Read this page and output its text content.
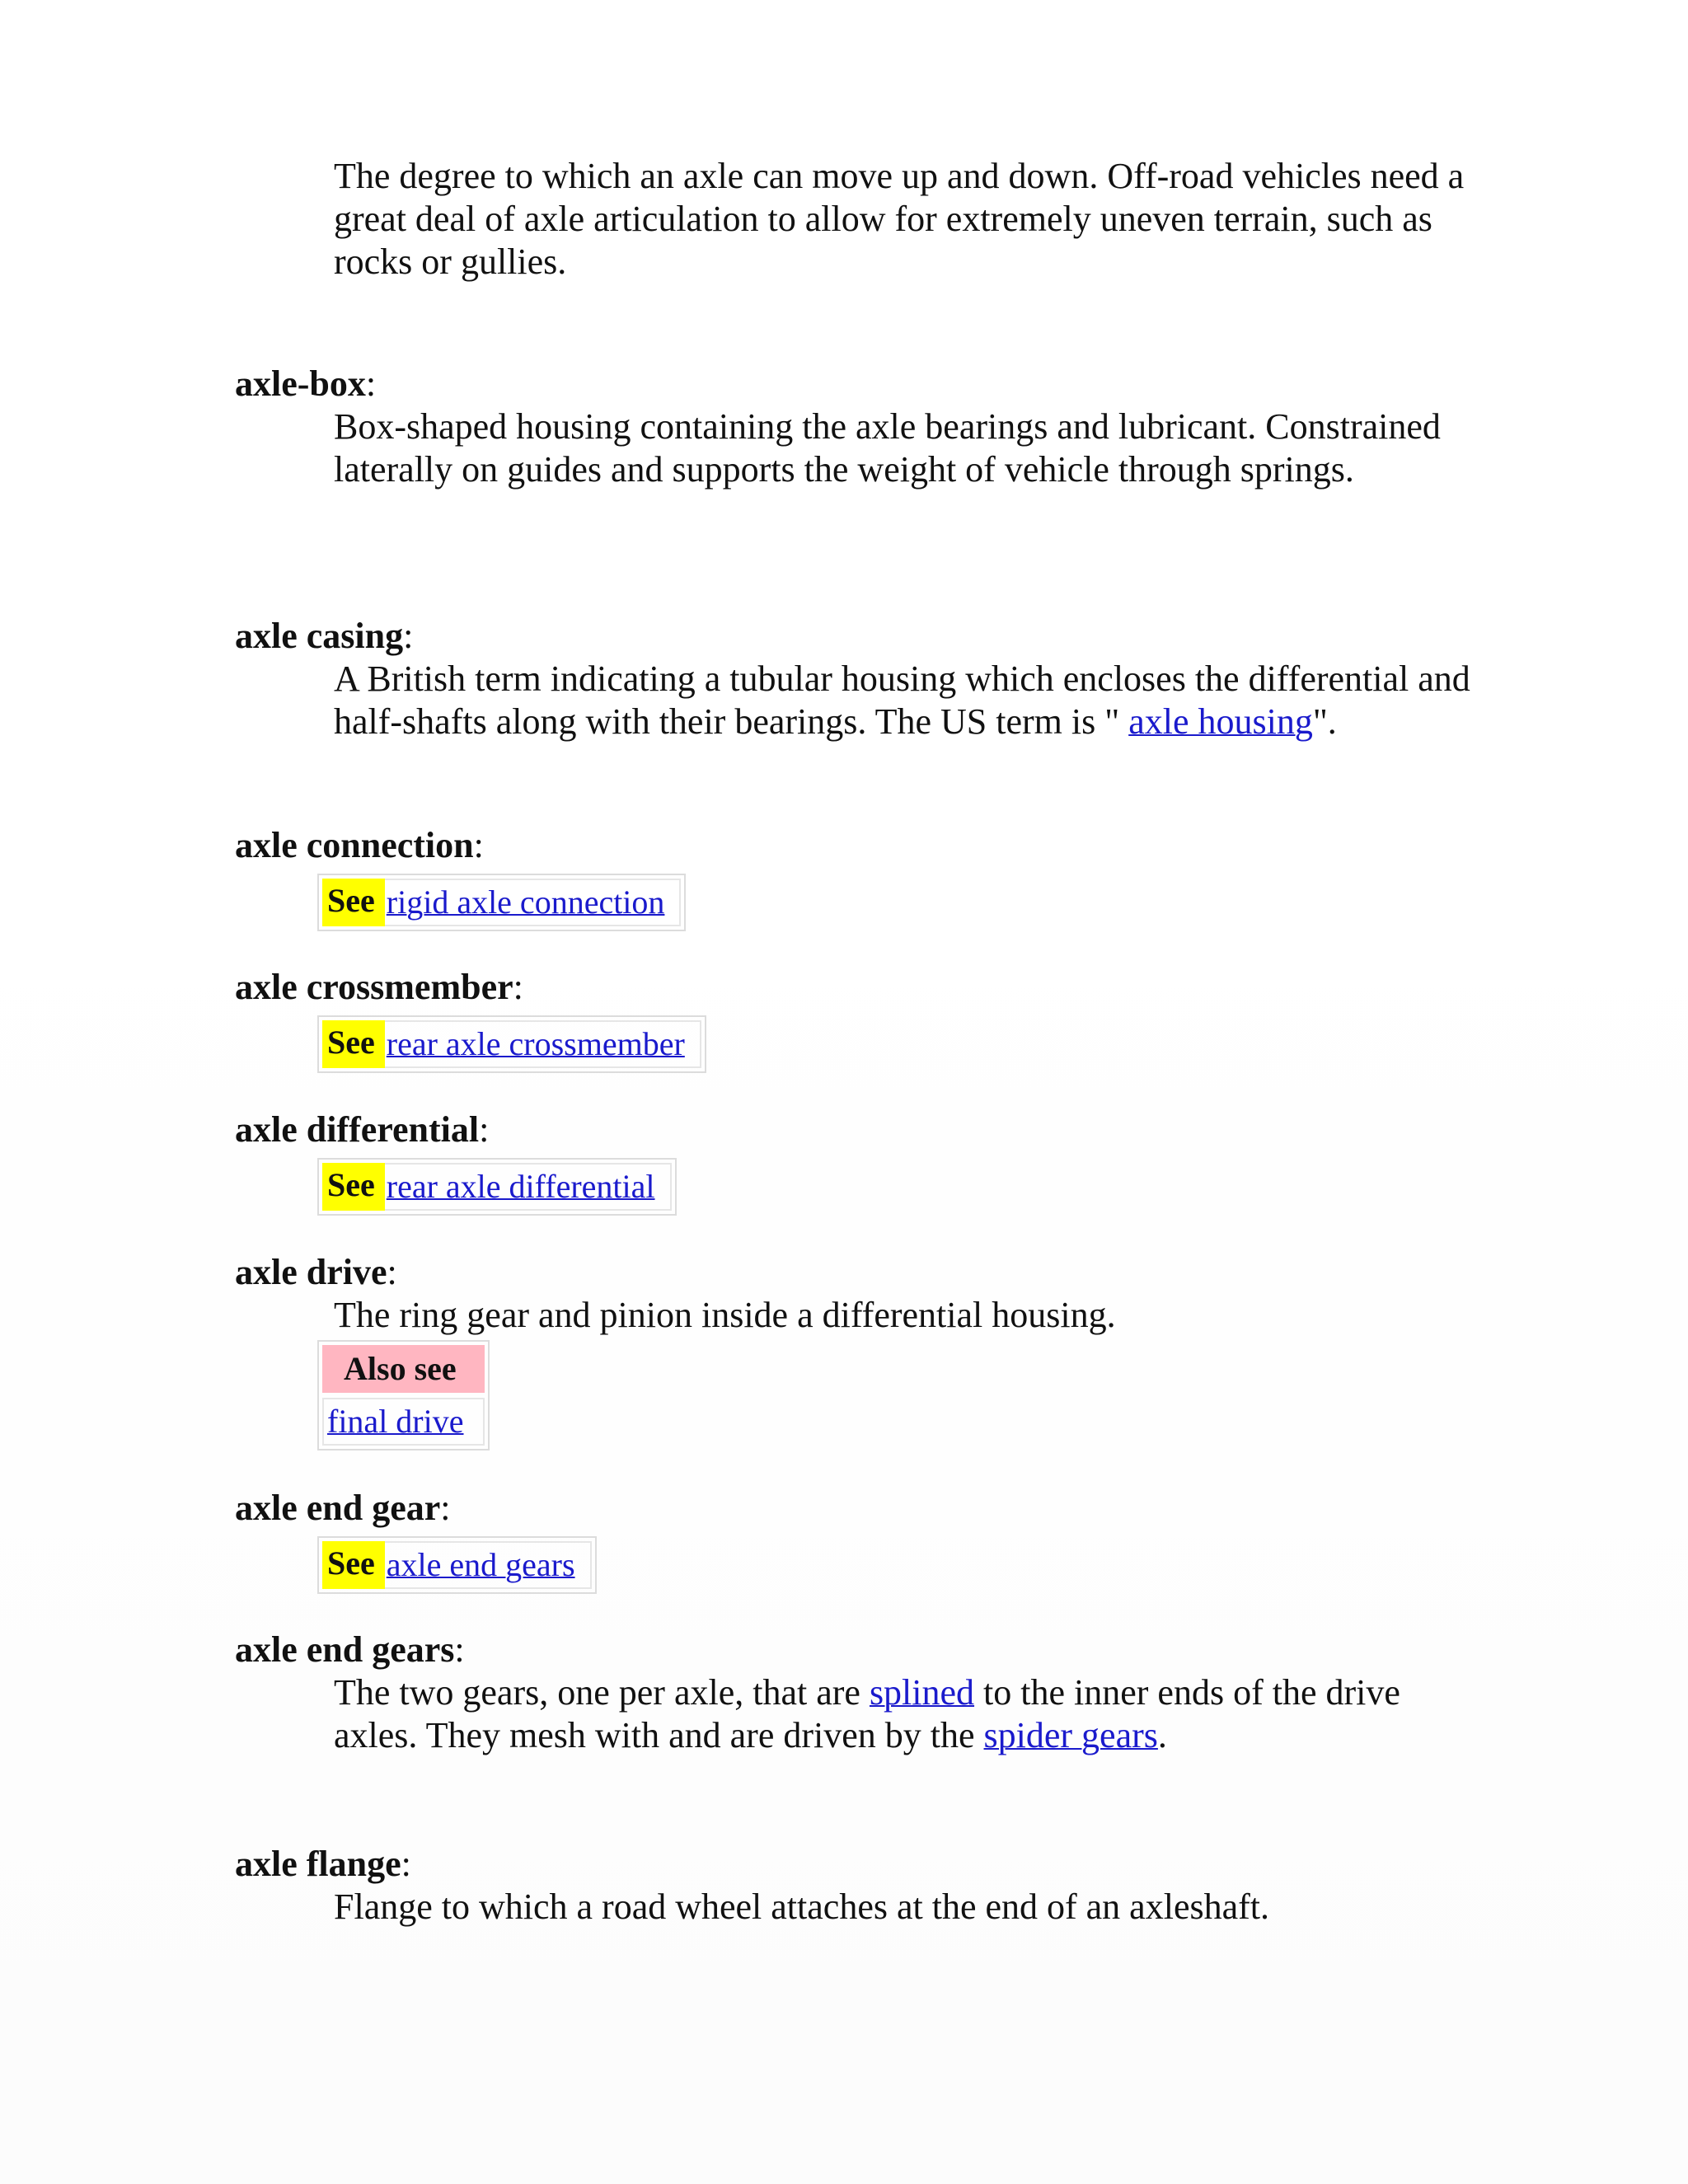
The degree to which an axle can move up and down. Off-road vehicles need a great deal of axle articulation to allow for extremely uneven terrain, such as rocks or gullies.
axle-box:
Box-shaped housing containing the axle bearings and lubricant. Constrained laterally on guides and supports the weight of vehicle through springs.
axle casing:
A British term indicating a tubular housing which encloses the differential and half-shafts along with their bearings. The US term is " axle housing".
axle connection:
See rigid axle connection
axle crossmember:
See rear axle crossmember
axle differential:
See rear axle differential
axle drive:
The ring gear and pinion inside a differential housing.
Also see
final drive
axle end gear:
See axle end gears
axle end gears:
The two gears, one per axle, that are splined to the inner ends of the drive axles. They mesh with and are driven by the spider gears.
axle flange:
Flange to which a road wheel attaches at the end of an axleshaft.
